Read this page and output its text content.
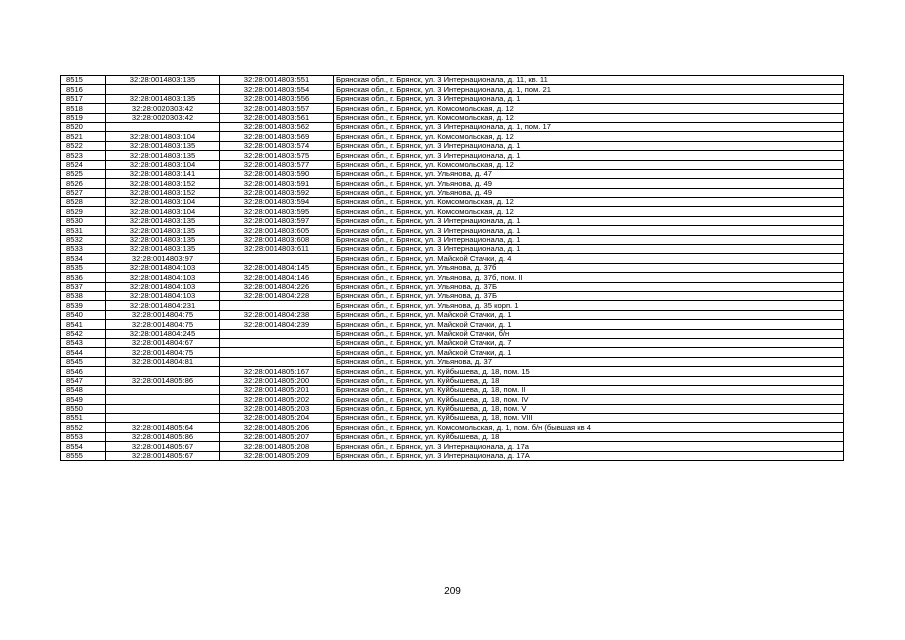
8515	32:28:0014803:135	32:28:0014803:551	Брянская обл., г. Брянск, ул. 3 Интернационала, д. 11, кв. 11
8516		32:28:0014803:554	Брянская обл., г. Брянск, ул. 3 Интернационала, д. 1, пом. 21
8517	32:28:0014803:135	32:28:0014803:556	Брянская обл., г. Брянск, ул. 3 Интернационала, д. 1
8518	32:28:0020303:42	32:28:0014803:557	Брянская обл., г. Брянск, ул. Комсомольская, д. 12
8519	32:28:0020303:42	32:28:0014803:561	Брянская обл., г. Брянск, ул. Комсомольская, д. 12
8520		32:28:0014803:562	Брянская обл., г. Брянск, ул. 3 Интернационала, д. 1, пом. 17
8521	32:28:0014803:104	32:28:0014803:569	Брянская обл., г. Брянск, ул. Комсомольская, д. 12
8522	32:28:0014803:135	32:28:0014803:574	Брянская обл., г. Брянск, ул. 3 Интернационала, д. 1
8523	32:28:0014803:135	32:28:0014803:575	Брянская обл., г. Брянск, ул. 3 Интернационала, д. 1
8524	32:28:0014803:104	32:28:0014803:577	Брянская обл., г. Брянск, ул. Комсомольская, д. 12
8525	32:28:0014803:141	32:28:0014803:590	Брянская обл., г. Брянск, ул. Ульянова, д. 47
8526	32:28:0014803:152	32:28:0014803:591	Брянская обл., г. Брянск, ул. Ульянова, д. 49
8527	32:28:0014803:152	32:28:0014803:592	Брянская обл., г. Брянск, ул. Ульянова, д. 49
8528	32:28:0014803:104	32:28:0014803:594	Брянская обл., г. Брянск, ул. Комсомольская, д. 12
8529	32:28:0014803:104	32:28:0014803:595	Брянская обл., г. Брянск, ул. Комсомольская, д. 12
8530	32:28:0014803:135	32:28:0014803:597	Брянская обл., г. Брянск, ул. 3 Интернационала, д. 1
8531	32:28:0014803:135	32:28:0014803:605	Брянская обл., г. Брянск, ул. 3 Интернационала, д. 1
8532	32:28:0014803:135	32:28:0014803:608	Брянская обл., г. Брянск, ул. 3 Интернационала, д. 1
8533	32:28:0014803:135	32:28:0014803:611	Брянская обл., г. Брянск, ул. 3 Интернационала, д. 1
8534	32:28:0014803:97		Брянская обл., г. Брянск, ул. Майской Стачки, д. 4
8535	32:28:0014804:103	32:28:0014804:145	Брянская обл., г. Брянск, ул. Ульянова, д. 37б
8536	32:28:0014804:103	32:28:0014804:146	Брянская обл., г. Брянск, ул. Ульянова, д. 37б, пом. II
8537	32:28:0014804:103	32:28:0014804:226	Брянская обл., г. Брянск, ул. Ульянова, д. 37Б
8538	32:28:0014804:103	32:28:0014804:228	Брянская обл., г. Брянск, ул. Ульянова, д. 37Б
8539	32:28:0014804:231		Брянская обл., г. Брянск, ул. Ульянова, д. 35 корп. 1
8540	32:28:0014804:75	32:28:0014804:238	Брянская обл., г. Брянск, ул. Майской Стачки, д. 1
8541	32:28:0014804:75	32:28:0014804:239	Брянская обл., г. Брянск, ул. Майской Стачки, д. 1
8542	32:28:0014804:245		Брянская обл., г. Брянск, ул. Майской Стачки, б/н
8543	32:28:0014804:67		Брянская обл., г. Брянск, ул. Майской Стачки, д. 7
8544	32:28:0014804:75		Брянская обл., г. Брянск, ул. Майской Стачки, д. 1
8545	32:28:0014804:81		Брянская обл., г. Брянск, ул. Ульянова, д. 37
8546		32:28:0014805:167	Брянская обл., г. Брянск, ул. Куйбышева, д. 18, пом. 15
8547	32:28:0014805:86	32:28:0014805:200	Брянская обл., г. Брянск, ул. Куйбышева, д. 18
8548		32:28:0014805:201	Брянская обл., г. Брянск, ул. Куйбышева, д. 18, пом. II
8549		32:28:0014805:202	Брянская обл., г. Брянск, ул. Куйбышева, д. 18, пом. IV
8550		32:28:0014805:203	Брянская обл., г. Брянск, ул. Куйбышева, д. 18, пом. V
8551		32:28:0014805:204	Брянская обл., г. Брянск, ул. Куйбышева, д. 18, пом. VIII
8552	32:28:0014805:64	32:28:0014805:206	Брянская обл., г. Брянск, ул. Комсомольская, д. 1, пом. б/н (бывшая кв 4
8553	32:28:0014805:86	32:28:0014805:207	Брянская обл., г. Брянск, ул. Куйбышева, д. 18
8554	32:28:0014805:67	32:28:0014805:208	Брянская обл., г. Брянск, ул. 3 Интернационала, д. 17а
8555	32:28:0014805:67	32:28:0014805:209	Брянская обл., г. Брянск, ул. 3 Интернационала, д. 17А
209
